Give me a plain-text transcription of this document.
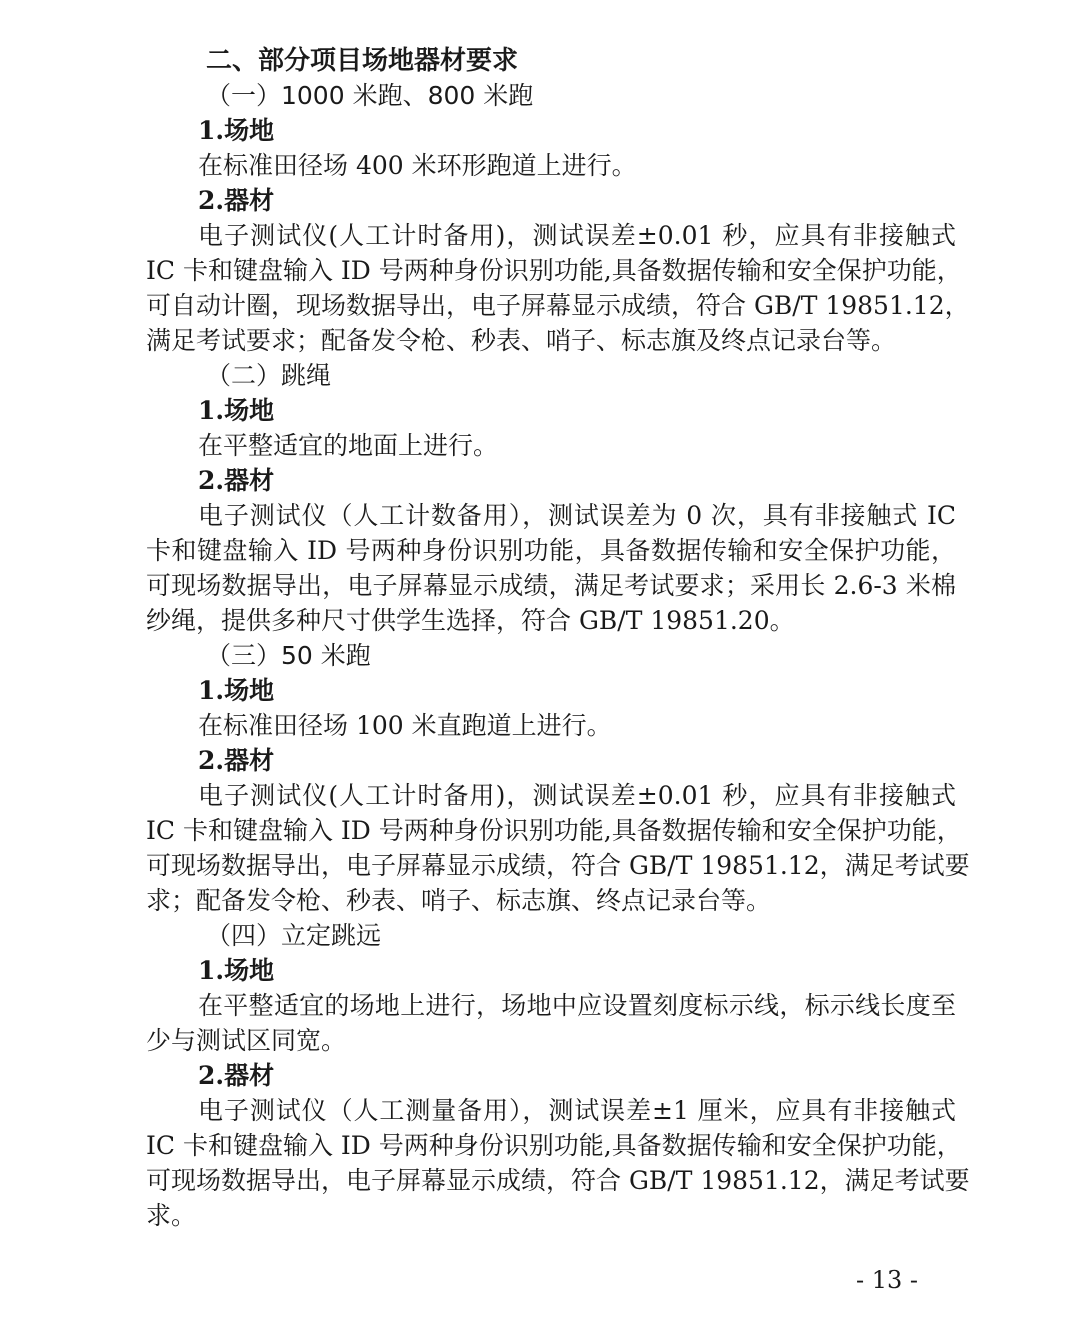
二、部分项目场地器材要求
（一）1000 米跑、800 米跑
1.场地
在标准田径场 400 米环形跑道上进行。
2.器材
电子测试仪(人工计时备用)，测试误差±0.01 秒，应具有非接触式
IC 卡和键盘输入 ID 号两种身份识别功能,具备数据传输和安全保护功能，
可自动计圈，现场数据导出，电子屏幕显示成绩，符合 GB/T 19851.12，
满足考试要求；配备发令枪、秒表、哨子、标志旗及终点记录台等。
（二）跳绳
1.场地
在平整适宜的地面上进行。
2.器材
电子测试仪（人工计数备用），测试误差为 0 次，具有非接触式 IC
卡和键盘输入 ID 号两种身份识别功能，具备数据传输和安全保护功能，
可现场数据导出，电子屏幕显示成绩，满足考试要求；采用长 2.6-3 米棉
纱绳，提供多种尺寸供学生选择，符合 GB/T 19851.20。
（三）50 米跑
1.场地
在标准田径场 100 米直跑道上进行。
2.器材
电子测试仪(人工计时备用)，测试误差±0.01 秒，应具有非接触式
IC 卡和键盘输入 ID 号两种身份识别功能,具备数据传输和安全保护功能，
可现场数据导出，电子屏幕显示成绩，符合 GB/T 19851.12，满足考试要
求；配备发令枪、秒表、哨子、标志旗、终点记录台等。
（四）立定跳远
1.场地
在平整适宜的场地上进行，场地中应设置刻度标示线，标示线长度至
少与测试区同宽。
2.器材
电子测试仪（人工测量备用），测试误差±1 厘米，应具有非接触式
IC 卡和键盘输入 ID 号两种身份识别功能,具备数据传输和安全保护功能，
可现场数据导出，电子屏幕显示成绩，符合 GB/T 19851.12，满足考试要
求。
- 13 -
